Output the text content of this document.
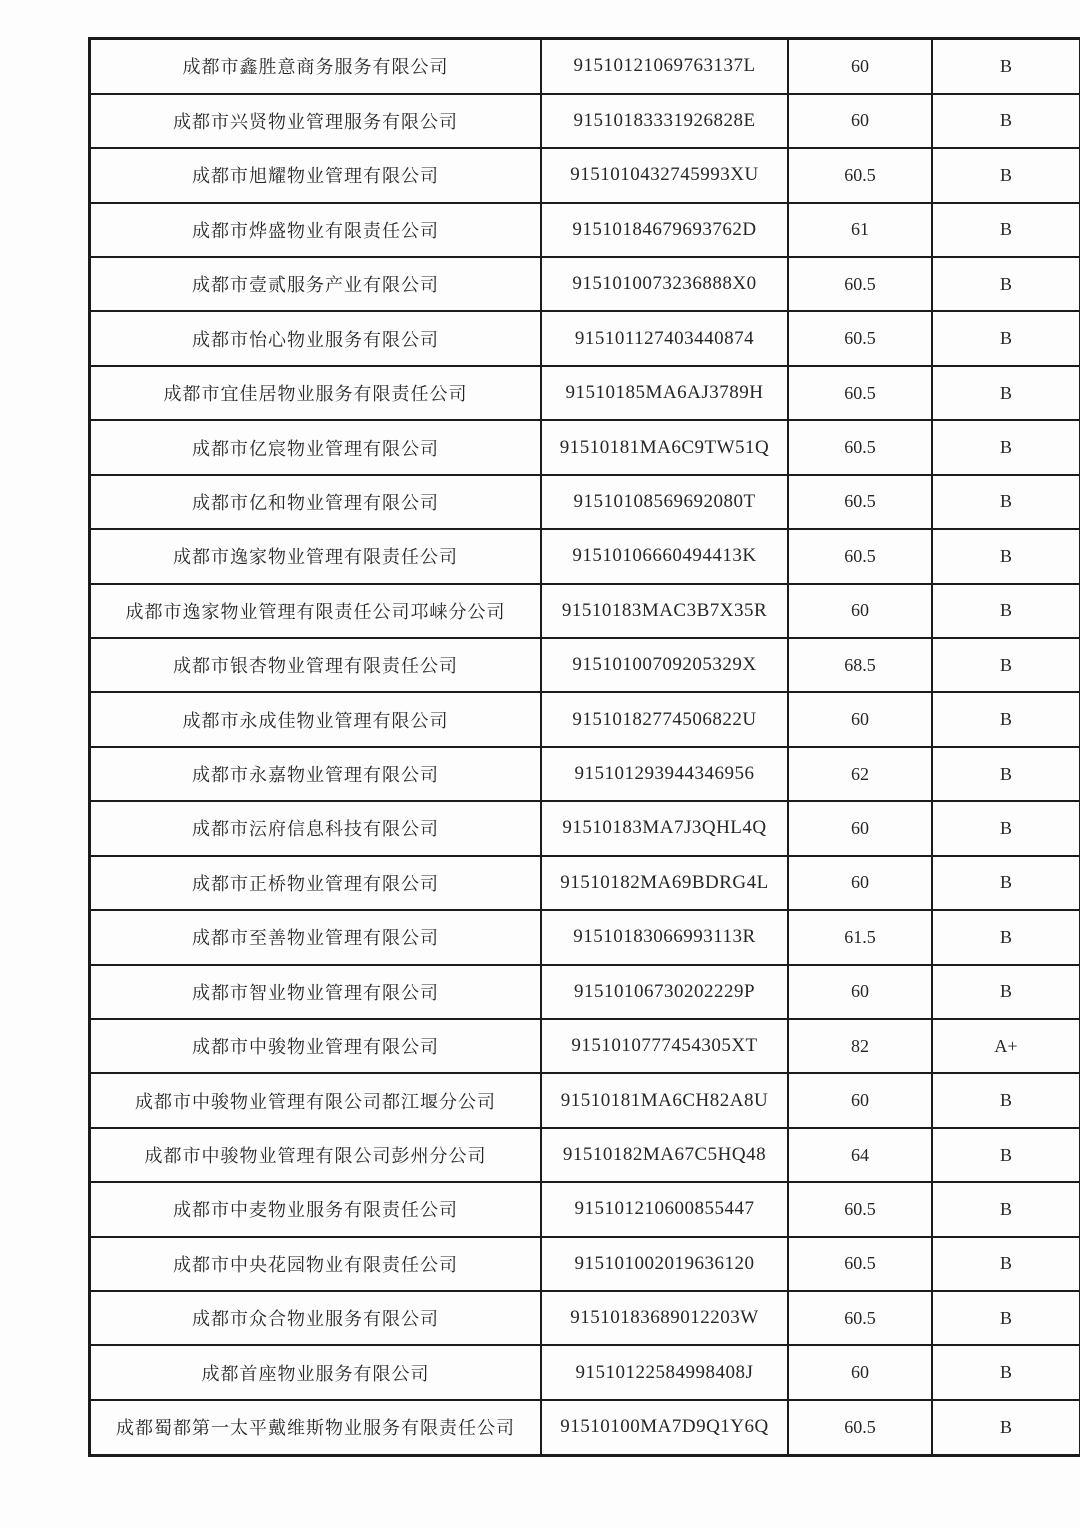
成都市鑫胜意商务服务有限公司	91510121069763137L	60	B
成都市兴贤物业管理服务有限公司	91510183331926828E	60	B
成都市旭耀物业管理有限公司	9151010432745993XU	60.5	B
成都市烨盛物业有限责任公司	91510184679693762D	61	B
成都市壹贰服务产业有限公司	9151010073236888X0	60.5	B
成都市怡心物业服务有限公司	915101127403440874	60.5	B
成都市宜佳居物业服务有限责任公司	91510185MA6AJ3789H	60.5	B
成都市亿宸物业管理有限公司	91510181MA6C9TW51Q	60.5	B
成都市亿和物业管理有限公司	91510108569692080T	60.5	B
成都市逸家物业管理有限责任公司	91510106660494413K	60.5	B
成都市逸家物业管理有限责任公司邛崃分公司	91510183MAC3B7X35R	60	B
成都市银杏物业管理有限责任公司	91510100709205329X	68.5	B
成都市永成佳物业管理有限公司	91510182774506822U	60	B
成都市永嘉物业管理有限公司	915101293944346956	62	B
成都市沄府信息科技有限公司	91510183MA7J3QHL4Q	60	B
成都市正桥物业管理有限公司	91510182MA69BDRG4L	60	B
成都市至善物业管理有限公司	91510183066993113R	61.5	B
成都市智业物业管理有限公司	91510106730202229P	60	B
成都市中骏物业管理有限公司	9151010777454305XT	82	A+
成都市中骏物业管理有限公司都江堰分公司	91510181MA6CH82A8U	60	B
成都市中骏物业管理有限公司彭州分公司	91510182MA67C5HQ48	64	B
成都市中麦物业服务有限责任公司	915101210600855447	60.5	B
成都市中央花园物业有限责任公司	915101002019636120	60.5	B
成都市众合物业服务有限公司	91510183689012203W	60.5	B
成都首座物业服务有限公司	91510122584998408J	60	B
成都蜀都第一太平戴维斯物业服务有限责任公司	91510100MA7D9Q1Y6Q	60.5	B
